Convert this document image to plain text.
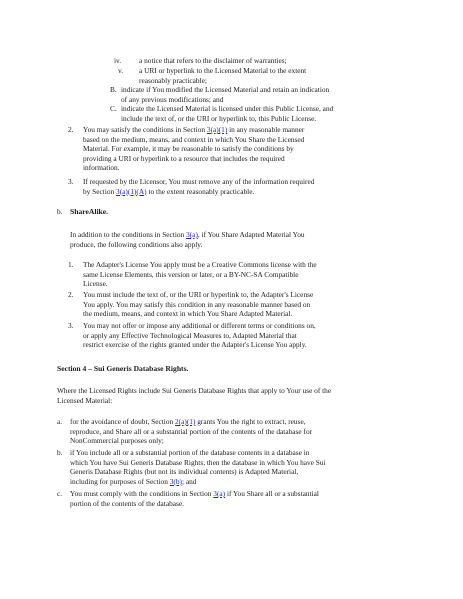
iv. a notice that refers to the disclaimer of warranties;
v. a URI or hyperlink to the Licensed Material to the extent
reasonably practicable;
B. indicate if You modified the Licensed Material and retain an indication
of any previous modifications; and
C. indicate the Licensed Material is licensed under this Public License, and
include the text of, or the URI or hyperlink to, this Public License.
2. You may satisfy the conditions in Section 3(a)(1) in any reasonable manner
based on the medium, means, and context in which You Share the Licensed
Material. For example, it may be reasonable to satisfy the conditions by
providing a URI or hyperlink to a resource that includes the required
information.
3. If requested by the Licensor, You must remove any of the information required
by Section 3(a)(1)(A) to the extent reasonably practicable.
b. ShareAlike.
In addition to the conditions in Section 3(a), if You Share Adapted Material You
produce, the following conditions also apply.
1. The Adapter's License You apply must be a Creative Commons license with the
same License Elements, this version or later, or a BY-NC-SA Compatible
License.
2. You must include the text of, or the URI or hyperlink to, the Adapter's License
You apply. You may satisfy this condition in any reasonable manner based on
the medium, means, and context in which You Share Adapted Material.
3. You may not offer or impose any additional or different terms or conditions on,
or apply any Effective Technological Measures to, Adapted Material that
restrict exercise of the rights granted under the Adapter's License You apply.
Section 4 – Sui Generis Database Rights.
Where the Licensed Rights include Sui Generis Database Rights that apply to Your use of the
Licensed Material:
a. for the avoidance of doubt, Section 2(a)(1) grants You the right to extract, reuse,
reproduce, and Share all or a substantial portion of the contents of the database for
NonCommercial purposes only;
b. if You include all or a substantial portion of the database contents in a database in
which You have Sui Generis Database Rights, then the database in which You have Sui
Generis Database Rights (but not its individual contents) is Adapted Material,
including for purposes of Section 3(b); and
c. You must comply with the conditions in Section 3(a) if You Share all or a substantial
portion of the contents of the database.
